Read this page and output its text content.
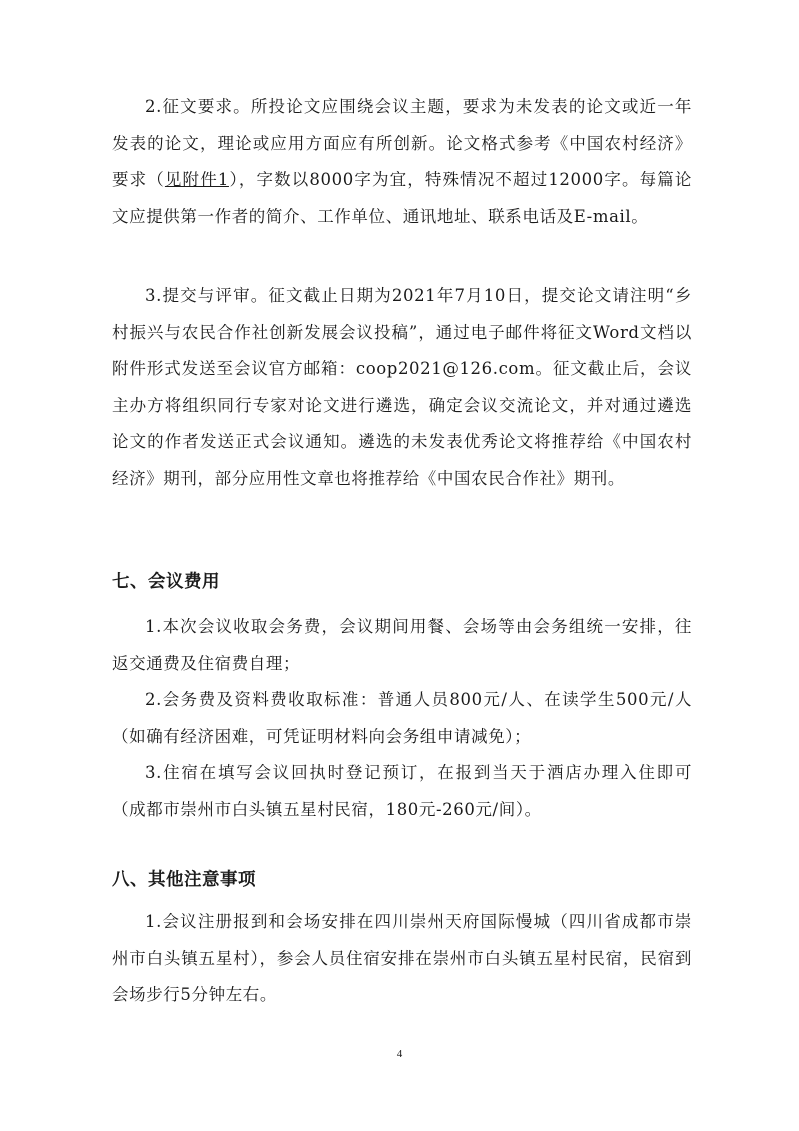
2.征文要求。所投论文应围绕会议主题，要求为未发表的论文或近一年发表的论文，理论或应用方面应有所创新。论文格式参考《中国农村经济》要求（见附件1），字数以8000字为宜，特殊情况不超过12000字。每篇论文应提供第一作者的简介、工作单位、通讯地址、联系电话及E-mail。

3.提交与评审。征文截止日期为2021年7月10日，提交论文请注明“乡村振兴与农民合作社创新发展会议投稿”，通过电子邮件将征文Word文档以附件形式发送至会议官方邮箱：coop2021@126.com。征文截止后，会议主办方将组织同行专家对论文进行遴选，确定会议交流论文，并对通过遴选论文的作者发送正式会议通知。遴选的未发表优秀论文将推荐给《中国农村经济》期刊，部分应用性文章也将推荐给《中国农民合作社》期刊。

七、会议费用

1.本次会议收取会务费，会议期间用餐、会场等由会务组统一安排，往返交通费及住宿费自理；

2.会务费及资料费收取标准：普通人员800元/人、在读学生500元/人（如确有经济困难，可凭证明材料向会务组申请减免）；

3.住宿在填写会议回执时登记预订，在报到当天于酒店办理入住即可（成都市崇州市白头镇五星村民宿，180元-260元/间）。

八、其他注意事项

1.会议注册报到和会场安排在四川崇州天府国际慢城（四川省成都市崇州市白头镇五星村），参会人员住宿安排在崇州市白头镇五星村民宿，民宿到会场步行5分钟左右。

4
